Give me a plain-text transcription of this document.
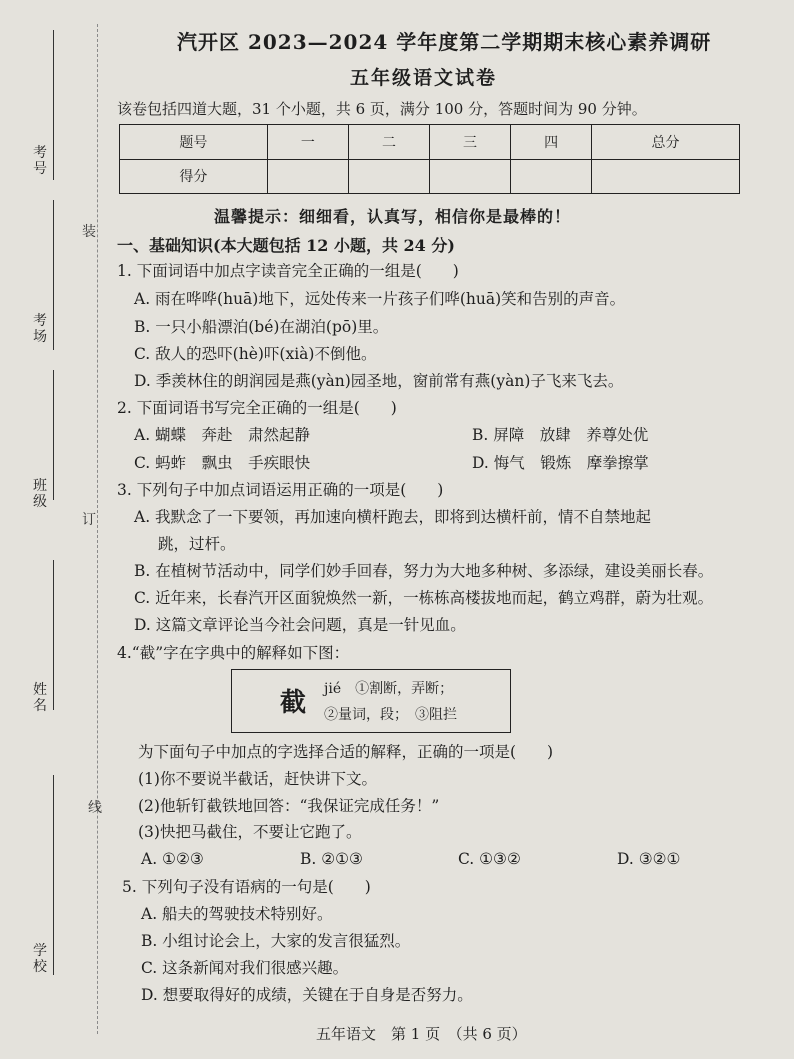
装
订
线
考号
考场
班级
姓名
学校
汽开区 2023—2024 学年度第二学期期末核心素养调研
五年级语文试卷
该卷包括四道大题，31 个小题，共 6 页，满分 100 分，答题时间为 90 分钟。
题号	一	二	三	四	总分
得分					
温馨提示：细细看，认真写，相信你是最棒的！
一、基础知识(本大题包括 12 小题，共 24 分)
1. 下面词语中加点字读音完全正确的一组是(　　)
A. 雨在哗哗(huā)地下，远处传来一片孩子们哗(huā)笑和告别的声音。
B. 一只小船漂泊(bé)在湖泊(pō)里。
C. 敌人的恐吓(hè)吓(xià)不倒他。
D. 季羡林住的朗润园是燕(yàn)园圣地，窗前常有燕(yàn)子飞来飞去。
2. 下面词语书写完全正确的一组是(　　)
A. 蝴蝶　奔赴　肃然起静	B. 屏障　放肆　养尊处优
C. 蚂蚱　飘虫　手疾眼快	D. 悔气　锻炼　摩拳擦掌
3. 下列句子中加点词语运用正确的一项是(　　)
A. 我默念了一下要领，再加速向横杆跑去，即将到达横杆前，情不自禁地起
跳，过杆。
B. 在植树节活动中，同学们妙手回春，努力为大地多种树、多添绿，建设美丽长春。
C. 近年来，长春汽开区面貌焕然一新，一栋栋高楼拔地而起，鹤立鸡群，蔚为壮观。
D. 这篇文章评论当今社会问题，真是一针见血。
4.“截”字在字典中的解释如下图：
截 jié　①割断，弄断；
②量词，段；　③阻拦
为下面句子中加点的字选择合适的解释，正确的一项是(　　)
(1)你不要说半截话，赶快讲下文。
(2)他斩钉截铁地回答：“我保证完成任务！”
(3)快把马截住，不要让它跑了。
A. ①②③	B. ②①③	C. ①③②	D. ③②①
5. 下列句子没有语病的一句是(　　)
A. 船夫的驾驶技术特别好。
B. 小组讨论会上，大家的发言很猛烈。
C. 这条新闻对我们很感兴趣。
D. 想要取得好的成绩，关键在于自身是否努力。
五年语文　第 1 页　（共 6 页）
